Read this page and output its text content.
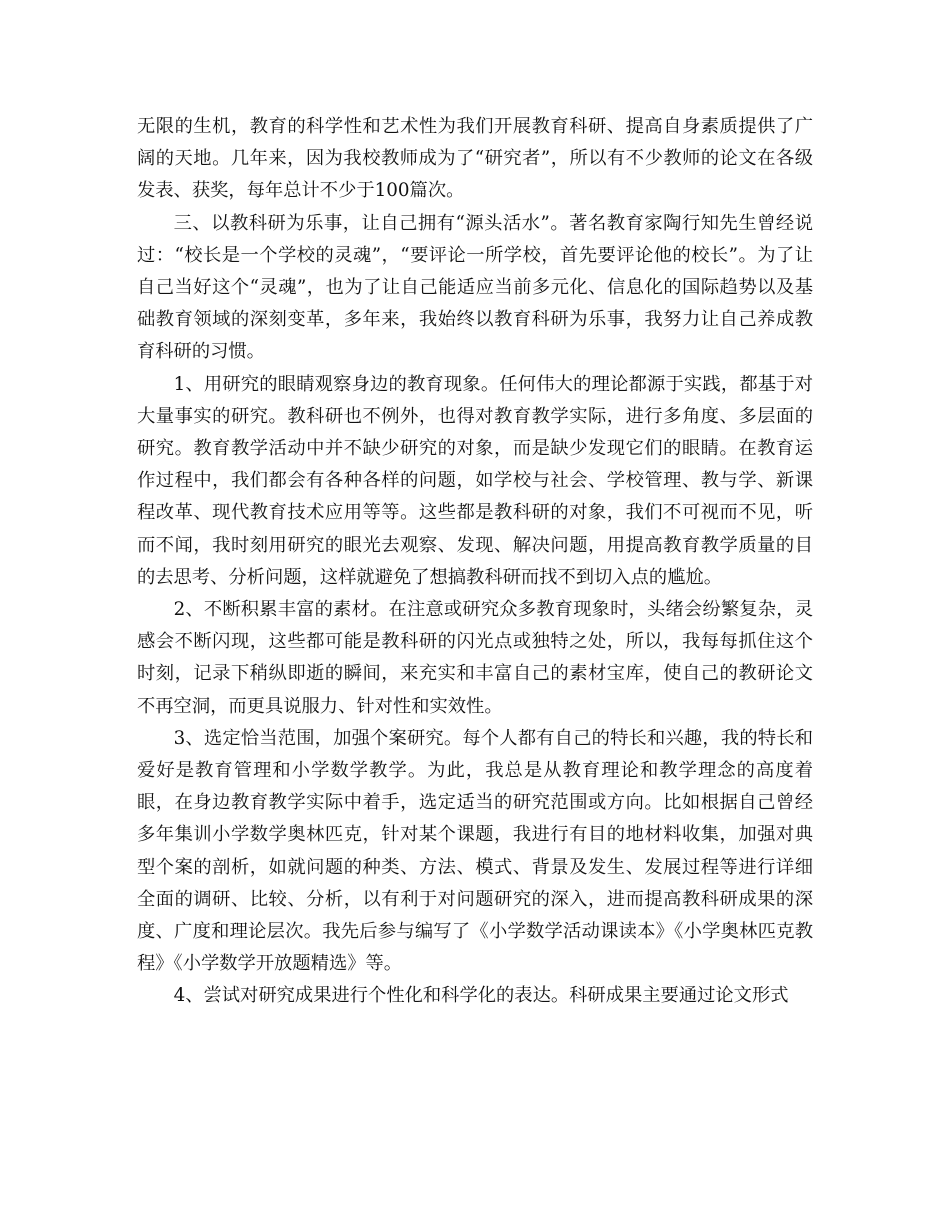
无限的生机，教育的科学性和艺术性为我们开展教育科研、提高自身素质提供了广阔的天地。几年来，因为我校教师成为了“研究者”，所以有不少教师的论文在各级发表、获奖，每年总计不少于100篇次。

三、以教科研为乐事，让自己拥有“源头活水”。著名教育家陶行知先生曾经说过：“校长是一个学校的灵魂”，“要评论一所学校，首先要评论他的校长”。为了让自己当好这个“灵魂”，也为了让自己能适应当前多元化、信息化的国际趋势以及基础教育领域的深刻变革，多年来，我始终以教育科研为乐事，我努力让自己养成教育科研的习惯。

1、用研究的眼睛观察身边的教育现象。任何伟大的理论都源于实践，都基于对大量事实的研究。教科研也不例外，也得对教育教学实际，进行多角度、多层面的研究。教育教学活动中并不缺少研究的对象，而是缺少发现它们的眼睛。在教育运作过程中，我们都会有各种各样的问题，如学校与社会、学校管理、教与学、新课程改革、现代教育技术应用等等。这些都是教科研的对象，我们不可视而不见，听而不闻，我时刻用研究的眼光去观察、发现、解决问题，用提高教育教学质量的目的去思考、分析问题，这样就避免了想搞教科研而找不到切入点的尴尬。

2、不断积累丰富的素材。在注意或研究众多教育现象时，头绪会纷繁复杂，灵感会不断闪现，这些都可能是教科研的闪光点或独特之处，所以，我每每抓住这个时刻，记录下稍纵即逝的瞬间，来充实和丰富自己的素材宝库，使自己的教研论文不再空洞，而更具说服力、针对性和实效性。

3、选定恰当范围，加强个案研究。每个人都有自己的特长和兴趣，我的特长和爱好是教育管理和小学数学教学。为此，我总是从教育理论和教学理念的高度着眼，在身边教育教学实际中着手，选定适当的研究范围或方向。比如根据自己曾经多年集训小学数学奥林匹克，针对某个课题，我进行有目的地材料收集，加强对典型个案的剖析，如就问题的种类、方法、模式、背景及发生、发展过程等进行详细全面的调研、比较、分析，以有利于对问题研究的深入，进而提高教科研成果的深度、广度和理论层次。我先后参与编写了《小学数学活动课读本》《小学奥林匹克教程》《小学数学开放题精选》等。

4、尝试对研究成果进行个性化和科学化的表达。科研成果主要通过论文形式
